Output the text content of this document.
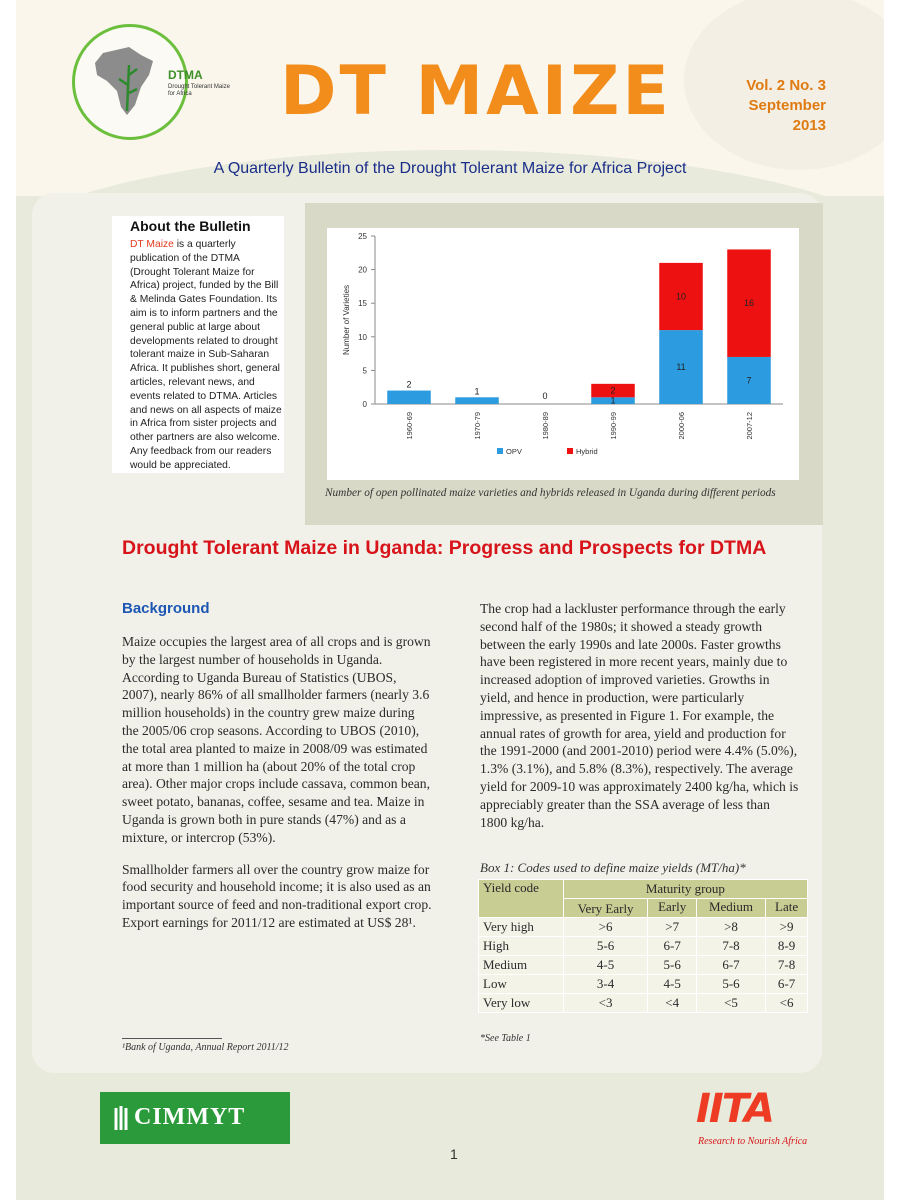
DTMA
Drought Tolerant Maize for Africa	DT MAIZE	Vol. 2 No. 3
September
2013
A Quarterly Bulletin of the Drought Tolerant Maize for Africa Project
About the Bulletin

DT Maize is a quarterly publication of the DTMA (Drought Tolerant Maize for Africa) project, funded by the Bill & Melinda Gates Foundation. Its aim is to inform partners and the general public at large about developments related to drought tolerant maize in Sub-Saharan Africa. It publishes short, general articles, relevant news, and events related to DTMA. Articles and news on all aspects of maize in Africa from sister projects and other partners are also welcome. Any feedback from our readers would be appreciated.

0
5
10
15
20
25
Number of Varieties
2
1960-69
1
1970-79
0
1980-89
1
2
1990-99
11
10
2000-06
7
16
2007-12
OPV	Hybrid
Number of open pollinated maize varieties and hybrids released in Uganda during different periods
Drought Tolerant Maize in Uganda: Progress and Prospects for DTMA
Background

Maize occupies the largest area of all crops and is grown by the largest number of households in Uganda. According to Uganda Bureau of Statistics (UBOS, 2007), nearly 86% of all smallholder farmers (nearly 3.6 million households) in the country grew maize during the 2005/06 crop seasons. According to UBOS (2010), the total area planted to maize in 2008/09 was estimated at more than 1 million ha (about 20% of the total crop area). Other major crops include cassava, common bean, sweet potato, bananas, coffee, sesame and tea. Maize in Uganda is grown both in pure stands (47%) and as a mixture, or intercrop (53%).

Smallholder farmers all over the country grow maize for food security and household income; it is also used as an important source of feed and non-traditional export crop. Export earnings for 2011/12 are estimated at US$ 28¹.

The crop had a lackluster performance through the early second half of the 1980s; it showed a steady growth between the early 1990s and late 2000s. Faster growths have been registered in more recent years, mainly due to increased adoption of improved varieties. Growths in yield, and hence in production, were particularly impressive, as presented in Figure 1. For example, the annual rates of growth for area, yield and production for the 1991-2000 (and 2001-2010) period were 4.4% (5.0%), 1.3% (3.1%), and 5.8% (8.3%), respectively. The average yield for 2009-10 was approximately 2400 kg/ha, which is appreciably greater than the SSA average of less than 1800 kg/ha.

Box 1: Codes used to define maize yields (MT/ha)*
Yield code	Maturity group			
	Very Early	Early	Medium	Late
Very high	>6	>7	>8	>9
High	5-6	6-7	7-8	8-9
Medium	4-5	5-6	6-7	7-8
Low	3-4	4-5	5-6	6-7
Very low	<3	<4	<5	<6
*See Table 1
¹Bank of Uganda, Annual Report 2011/12
CIMMYT	IITA
Research to Nourish Africa
1
